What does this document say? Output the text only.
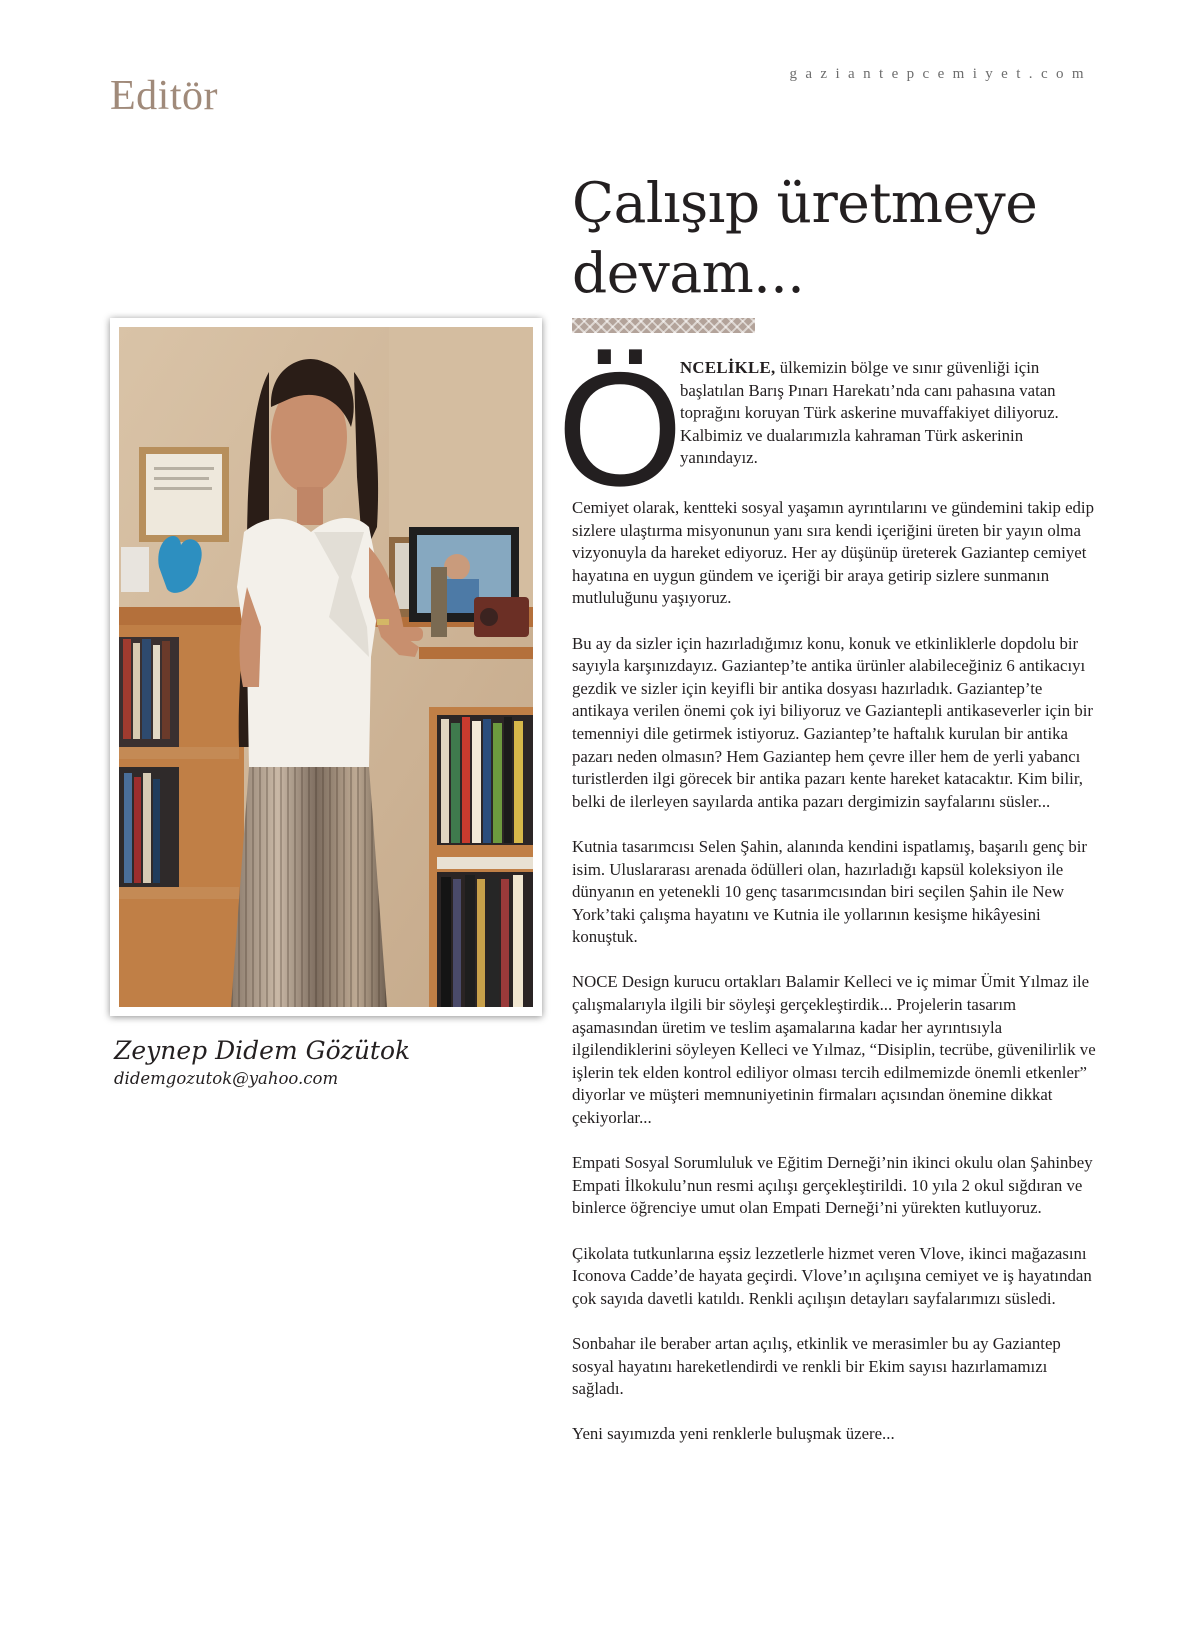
Editör	gaziantepcemiyet.com
Çalışıp üretmeye
devam...
Zeynep Didem Gözütok
didemgozutok@yahoo.com
Ö

NCELİKLE, ülkemizin bölge ve sınır güvenliği için başlatılan Barış Pınarı Harekatı’nda canı pahasına vatan toprağını koruyan Türk askerine muvaffakiyet diliyoruz. Kalbimiz ve dualarımızla kahraman Türk askerinin yanındayız.

Cemiyet olarak, kentteki sosyal yaşamın ayrıntılarını ve gündemini takip edip sizlere ulaştırma misyonunun yanı sıra kendi içeriğini üreten bir yayın olma vizyonuyla da hareket ediyoruz. Her ay düşünüp üreterek Gaziantep cemiyet hayatına en uygun gündem ve içeriği bir araya getirip sizlere sunmanın mutluluğunu yaşıyoruz.

Bu ay da sizler için hazırladığımız konu, konuk ve etkinliklerle dopdolu bir sayıyla karşınızdayız. Gaziantep’te antika ürünler alabileceğiniz 6 antikacıyı gezdik ve sizler için keyifli bir antika dosyası hazırladık. Gaziantep’te antikaya verilen önemi çok iyi biliyoruz ve Gaziantepli antikaseverler için bir temenniyi dile getirmek istiyoruz. Gaziantep’te haftalık kurulan bir antika pazarı neden olmasın? Hem Gaziantep hem çevre iller hem de yerli yabancı turistlerden ilgi görecek bir antika pazarı kente hareket katacaktır. Kim bilir, belki de ilerleyen sayılarda antika pazarı dergimizin sayfalarını süsler...

Kutnia tasarımcısı Selen Şahin, alanında kendini ispatlamış, başarılı genç bir isim. Uluslararası arenada ödülleri olan, hazırladığı kapsül koleksiyon ile dünyanın en yetenekli 10 genç tasarımcısından biri seçilen Şahin ile New York’taki çalışma hayatını ve Kutnia ile yollarının kesişme hikâyesini konuştuk.

NOCE Design kurucu ortakları Balamir Kelleci ve iç mimar Ümit Yılmaz ile çalışmalarıyla ilgili bir söyleşi gerçekleştirdik... Projelerin tasarım aşamasından üretim ve teslim aşamalarına kadar her ayrıntısıyla ilgilendiklerini söyleyen Kelleci ve Yılmaz, “Disiplin, tecrübe, güvenilirlik ve işlerin tek elden kontrol ediliyor olması tercih edilmemizde önemli etkenler” diyorlar ve müşteri memnuniyetinin firmaları açısından önemine dikkat çekiyorlar...

Empati Sosyal Sorumluluk ve Eğitim Derneği’nin ikinci okulu olan Şahinbey Empati İlkokulu’nun resmi açılışı gerçekleştirildi. 10 yıla 2 okul sığdıran ve binlerce öğrenciye umut olan Empati Derneği’ni yürekten kutluyoruz.

Çikolata tutkunlarına eşsiz lezzetlerle hizmet veren Vlove, ikinci mağazasını Iconova Cadde’de hayata geçirdi. Vlove’ın açılışına cemiyet ve iş hayatından çok sayıda davetli katıldı. Renkli açılışın detayları sayfalarımızı süsledi.

Sonbahar ile beraber artan açılış, etkinlik ve merasimler bu ay Gaziantep sosyal hayatını hareketlendirdi ve renkli bir Ekim sayısı hazırlamamızı sağladı.

Yeni sayımızda yeni renklerle buluşmak üzere...
